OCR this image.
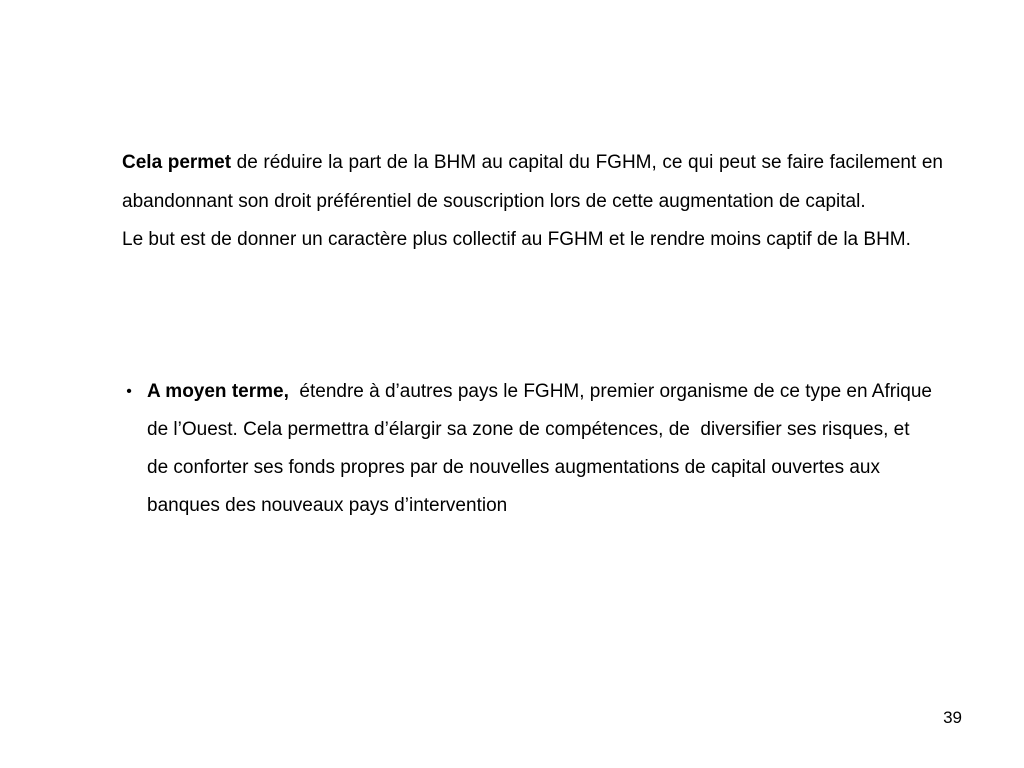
Cela permet de réduire la part de la BHM au capital du FGHM, ce qui peut se faire facilement en abandonnant son droit préférentiel de souscription lors de cette augmentation de capital.

Le but est de donner un caractère plus collectif au FGHM et le rendre moins captif de la BHM.

• A moyen terme,  étendre à d’autres pays le FGHM, premier organisme de ce type en Afrique de l’Ouest. Cela permettra d’élargir sa zone de compétences, de  diversifier ses risques, et de conforter ses fonds propres par de nouvelles augmentations de capital ouvertes aux banques des nouveaux pays d’intervention

39
